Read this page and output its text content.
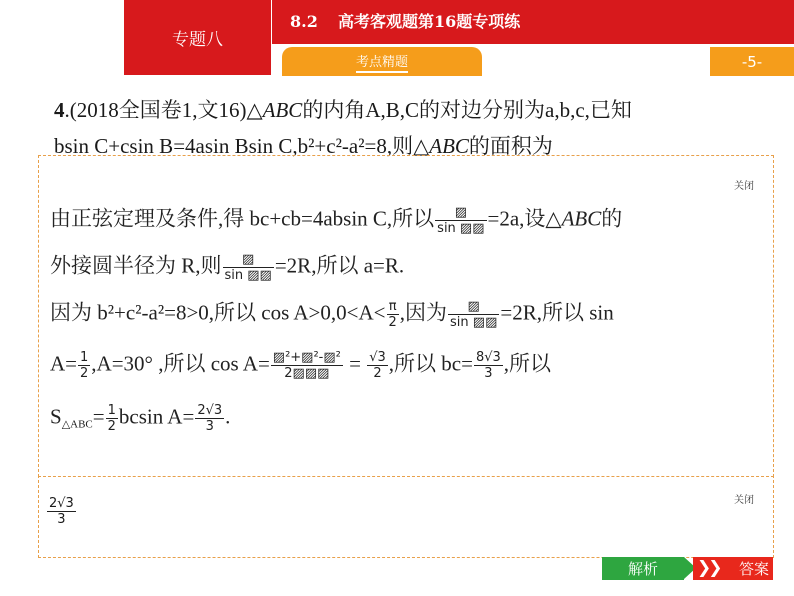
专题八
8.2 高考客观题第16题专项练
考点精题	-5-
4.(2018全国卷1,文16)△ABC的内角A,B,C的对边分别为a,b,c,已知
bsin C+csin B=4asin Bsin C,b²+c²-a²=8,则△ABC的面积为
关闭
由正弦定理及条件,得 bc+cb=4absin C,所以 $\frac{▨}{\sin ▨▨} =2a$,设△ABC的
外接圆半径为 R,则 $\frac{▨}{\sin ▨▨} =2R$,所以 a=R.
因为 b²+c²-a²=8>0,所以 $\cos A>0,0<A< \frac{\pi}{2}$ ,因为 $\frac{▨}{\sin ▨▨} =2R$,所以 sin
$A= \frac{1}{2} ,A=30^\circ$ ,所以 $\cos A= \frac{\text{▨²+▨²-▨²}}{2▨▨▨} = \frac{√3}{2}$ ,所以 $bc= \frac{8√3}{3}$ ,所以
$S_{\triangle ABC}= \frac{1}{2}$ bcsin $A= \frac{2√3}{3}$ .
关闭
$\frac{2√3}{3}$
解析 ❯❯ 答案
